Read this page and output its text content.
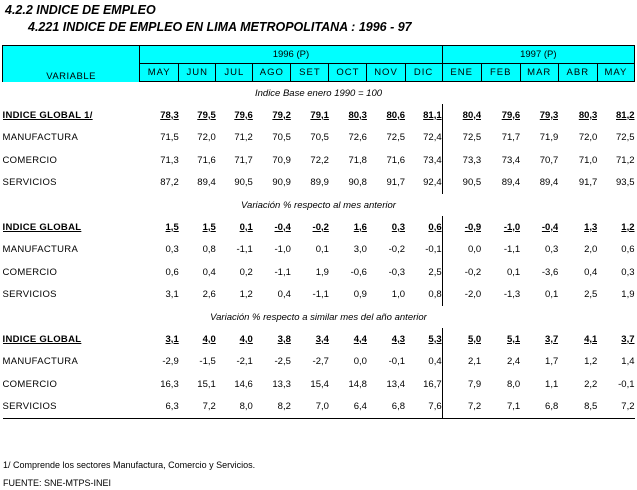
4.2.2 INDICE DE EMPLEO
4.221 INDICE DE EMPLEO EN LIMA METROPOLITANA : 1996 - 97
VARIABLE	1996 (P)								1997 (P)				
	MAY	JUN	JUL	AGO	SET	OCT	NOV	DIC	ENE	FEB	MAR	ABR	MAY
Indice Base enero 1990 = 100													
INDICE GLOBAL 1/	78,3	79,5	79,6	79,2	79,1	80,3	80,6	81,1	80,4	79,6	79,3	80,3	81,2
MANUFACTURA	71,5	72,0	71,2	70,5	70,5	72,6	72,5	72,4	72,5	71,7	71,9	72,0	72,5
COMERCIO	71,3	71,6	71,7	70,9	72,2	71,8	71,6	73,4	73,3	73,4	70,7	71,0	71,2
SERVICIOS	87,2	89,4	90,5	90,9	89,9	90,8	91,7	92,4	90,5	89,4	89,4	91,7	93,5
Variación % respecto al mes anterior													
INDICE GLOBAL	1,5	1,5	0,1	-0,4	-0,2	1,6	0,3	0,6	-0,9	-1,0	-0,4	1,3	1,2
MANUFACTURA	0,3	0,8	-1,1	-1,0	0,1	3,0	-0,2	-0,1	0,0	-1,1	0,3	2,0	0,6
COMERCIO	0,6	0,4	0,2	-1,1	1,9	-0,6	-0,3	2,5	-0,2	0,1	-3,6	0,4	0,3
SERVICIOS	3,1	2,6	1,2	0,4	-1,1	0,9	1,0	0,8	-2,0	-1,3	0,1	2,5	1,9
Variación % respecto a similar mes del año anterior													
INDICE GLOBAL	3,1	4,0	4,0	3,8	3,4	4,4	4,3	5,3	5,0	5,1	3,7	4,1	3,7
MANUFACTURA	-2,9	-1,5	-2,1	-2,5	-2,7	0,0	-0,1	0,4	2,1	2,4	1,7	1,2	1,4
COMERCIO	16,3	15,1	14,6	13,3	15,4	14,8	13,4	16,7	7,9	8,0	1,1	2,2	-0,1
SERVICIOS	6,3	7,2	8,0	8,2	7,0	6,4	6,8	7,6	7,2	7,1	6,8	8,5	7,2
1/ Comprende los sectores Manufactura, Comercio y Servicios.
FUENTE: SNE-MTPS-INEI
